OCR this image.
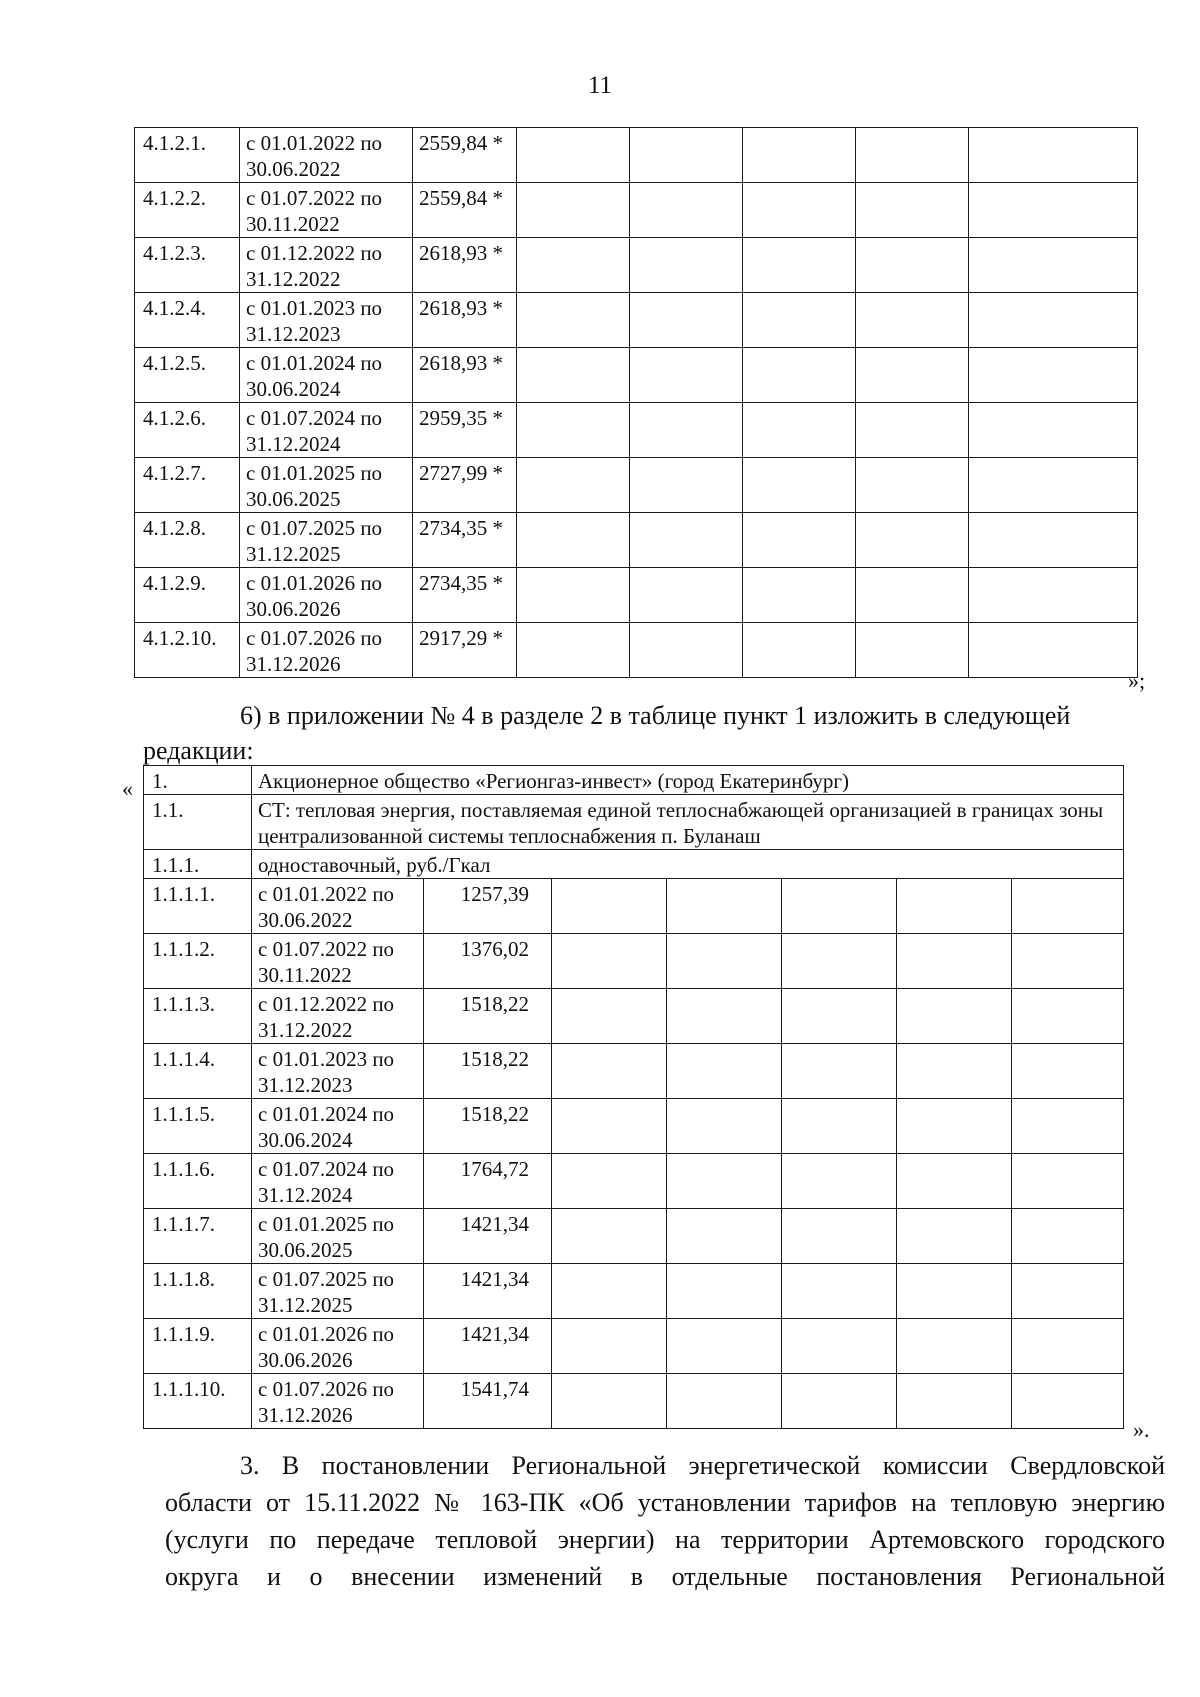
11
4.1.2.1.	с 01.01.2022 по 30.06.2022	2559,84 *					
4.1.2.2.	с 01.07.2022 по 30.11.2022	2559,84 *					
4.1.2.3.	с 01.12.2022 по 31.12.2022	2618,93 *					
4.1.2.4.	с 01.01.2023 по 31.12.2023	2618,93 *					
4.1.2.5.	с 01.01.2024 по 30.06.2024	2618,93 *					
4.1.2.6.	с 01.07.2024 по 31.12.2024	2959,35 *					
4.1.2.7.	с 01.01.2025 по 30.06.2025	2727,99 *					
4.1.2.8.	с 01.07.2025 по 31.12.2025	2734,35 *					
4.1.2.9.	с 01.01.2026 по 30.06.2026	2734,35 *					
4.1.2.10.	с 01.07.2026 по 31.12.2026	2917,29 *					
»;
6) в приложении № 4 в разделе 2 в таблице пункт 1 изложить в следующей
редакции:
« 1.	Акционерное общество «Регионгаз-инвест» (город Екатеринбург)						
1.1.	СТ: тепловая энергия, поставляемая единой теплоснабжающей организацией в границах зоны централизованной системы теплоснабжения п. Буланаш						
1.1.1.	одноставочный, руб./Гкал						
1.1.1.1.	с 01.01.2022 по 30.06.2022	1257,39					
1.1.1.2.	с 01.07.2022 по 30.11.2022	1376,02					
1.1.1.3.	с 01.12.2022 по 31.12.2022	1518,22					
1.1.1.4.	с 01.01.2023 по 31.12.2023	1518,22					
1.1.1.5.	с 01.01.2024 по 30.06.2024	1518,22					
1.1.1.6.	с 01.07.2024 по 31.12.2024	1764,72					
1.1.1.7.	с 01.01.2025 по 30.06.2025	1421,34					
1.1.1.8.	с 01.07.2025 по 31.12.2025	1421,34					
1.1.1.9.	с 01.01.2026 по 30.06.2026	1421,34					
1.1.1.10.	с 01.07.2026 по 31.12.2026	1541,74					
».
3. В постановлении Региональной энергетической комиссии Свердловской
области от 15.11.2022 № 163-ПК «Об установлении тарифов на тепловую энергию
(услуги по передаче тепловой энергии) на территории Артемовского городского
округа и о внесении изменений в отдельные постановления Региональной
